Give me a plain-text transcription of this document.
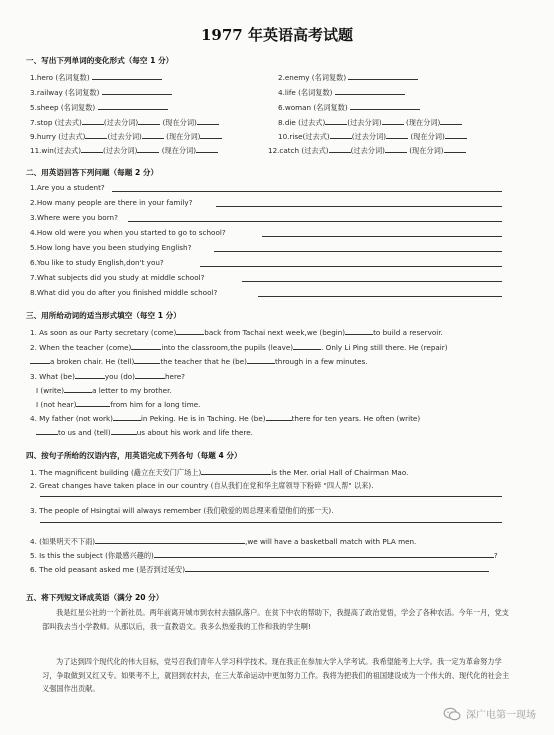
1977 年英语高考试题
一、写出下列单词的变化形式（每空 1 分）
1.hero (名词复数)	2.enemy (名词复数)
3.railway (名词复数)	4.life (名词复数)
5.sheep (名词复数)	6.woman (名词复数)
7.stop (过去式)	(过去分词)	(现在分词)	8.die (过去式)	(过去分词)	(现在分词)
9.hurry (过去式)	(过去分词)	(现在分词)	10.rise(过去式)	(过去分词)	(现在分词)
11.win(过去式)	(过去分词)	(现在分词)	12.catch (过去式)	(过去分词)	(现在分词)
二、用英语回答下列问题（每题 2 分）
1.Are you a student?
2.How many people are there in your family?
3.Where were you born?
4.How old were you when you started to go to school?
5.How long have you been studying English?
6.You like to study English,don't you?
7.What subjects did you study at middle school?
8.What did you do after you finished middle school?
三、用所给动词的适当形式填空（每空 1 分）
1. As soon as our Party secretary (come)	back from Tachai next week,we (begin)	to build a reservoir.
2. When the teacher (come)	into the classroom,the pupils (leave)	. Only Li Ping still there. He (repair)
a broken chair. He (tell)	the teacher that he (be)	through in a few minutes.
3. What (be)	you (do)	here?
I (write)	a letter to my brother.
I (not hear)	from him for a long time.
4. My father (not work)	in Peking. He is in Taching. He (be)	there for ten years. He often (write)
to us and (tell)	us about his work and life there.
四、按句子所给的汉语内容，用英语完成下列各句（每题 4 分）
1. The magnificent building (矗立在天安门广场上)	is the Mer. orial Hall of Chairman Mao.
2. Great changes have taken place in our country (自从我们在党和华主席领导下粉碎 "四人帮" 以来).
3. The people of Hsingtai will always remember (我们敬爱的周总理来看望他们的那一天).
4. (如果明天不下雨)	,we will have a basketball match with PLA men.
5. Is this the subject (你最感兴趣的)	?
6. The old peasant asked me (是否到过延安)
五、将下列短文译成英语（满分 20 分）
我是红星公社的一个新社员。两年前离开城市到农村去插队落户。在贫下中农的帮助下，我提高了政治觉悟，学会了各种农活。今年一月，党支部叫我去当小学教师。从那以后，我一直教语文。我多么热爱我的工作和我的学生啊!
为了达到四个现代化的伟大目标，党号召我们青年人学习科学技术。现在我正在参加大学入学考试。我希望能考上大学。我一定为革命努力学习，争取做到又红又专。如果考不上，就回到农村去，在三大革命运动中更加努力工作。我将为把我们的祖国建设成为一个伟大的、现代化的社会主义强国作出贡献。
深广电第一现场
